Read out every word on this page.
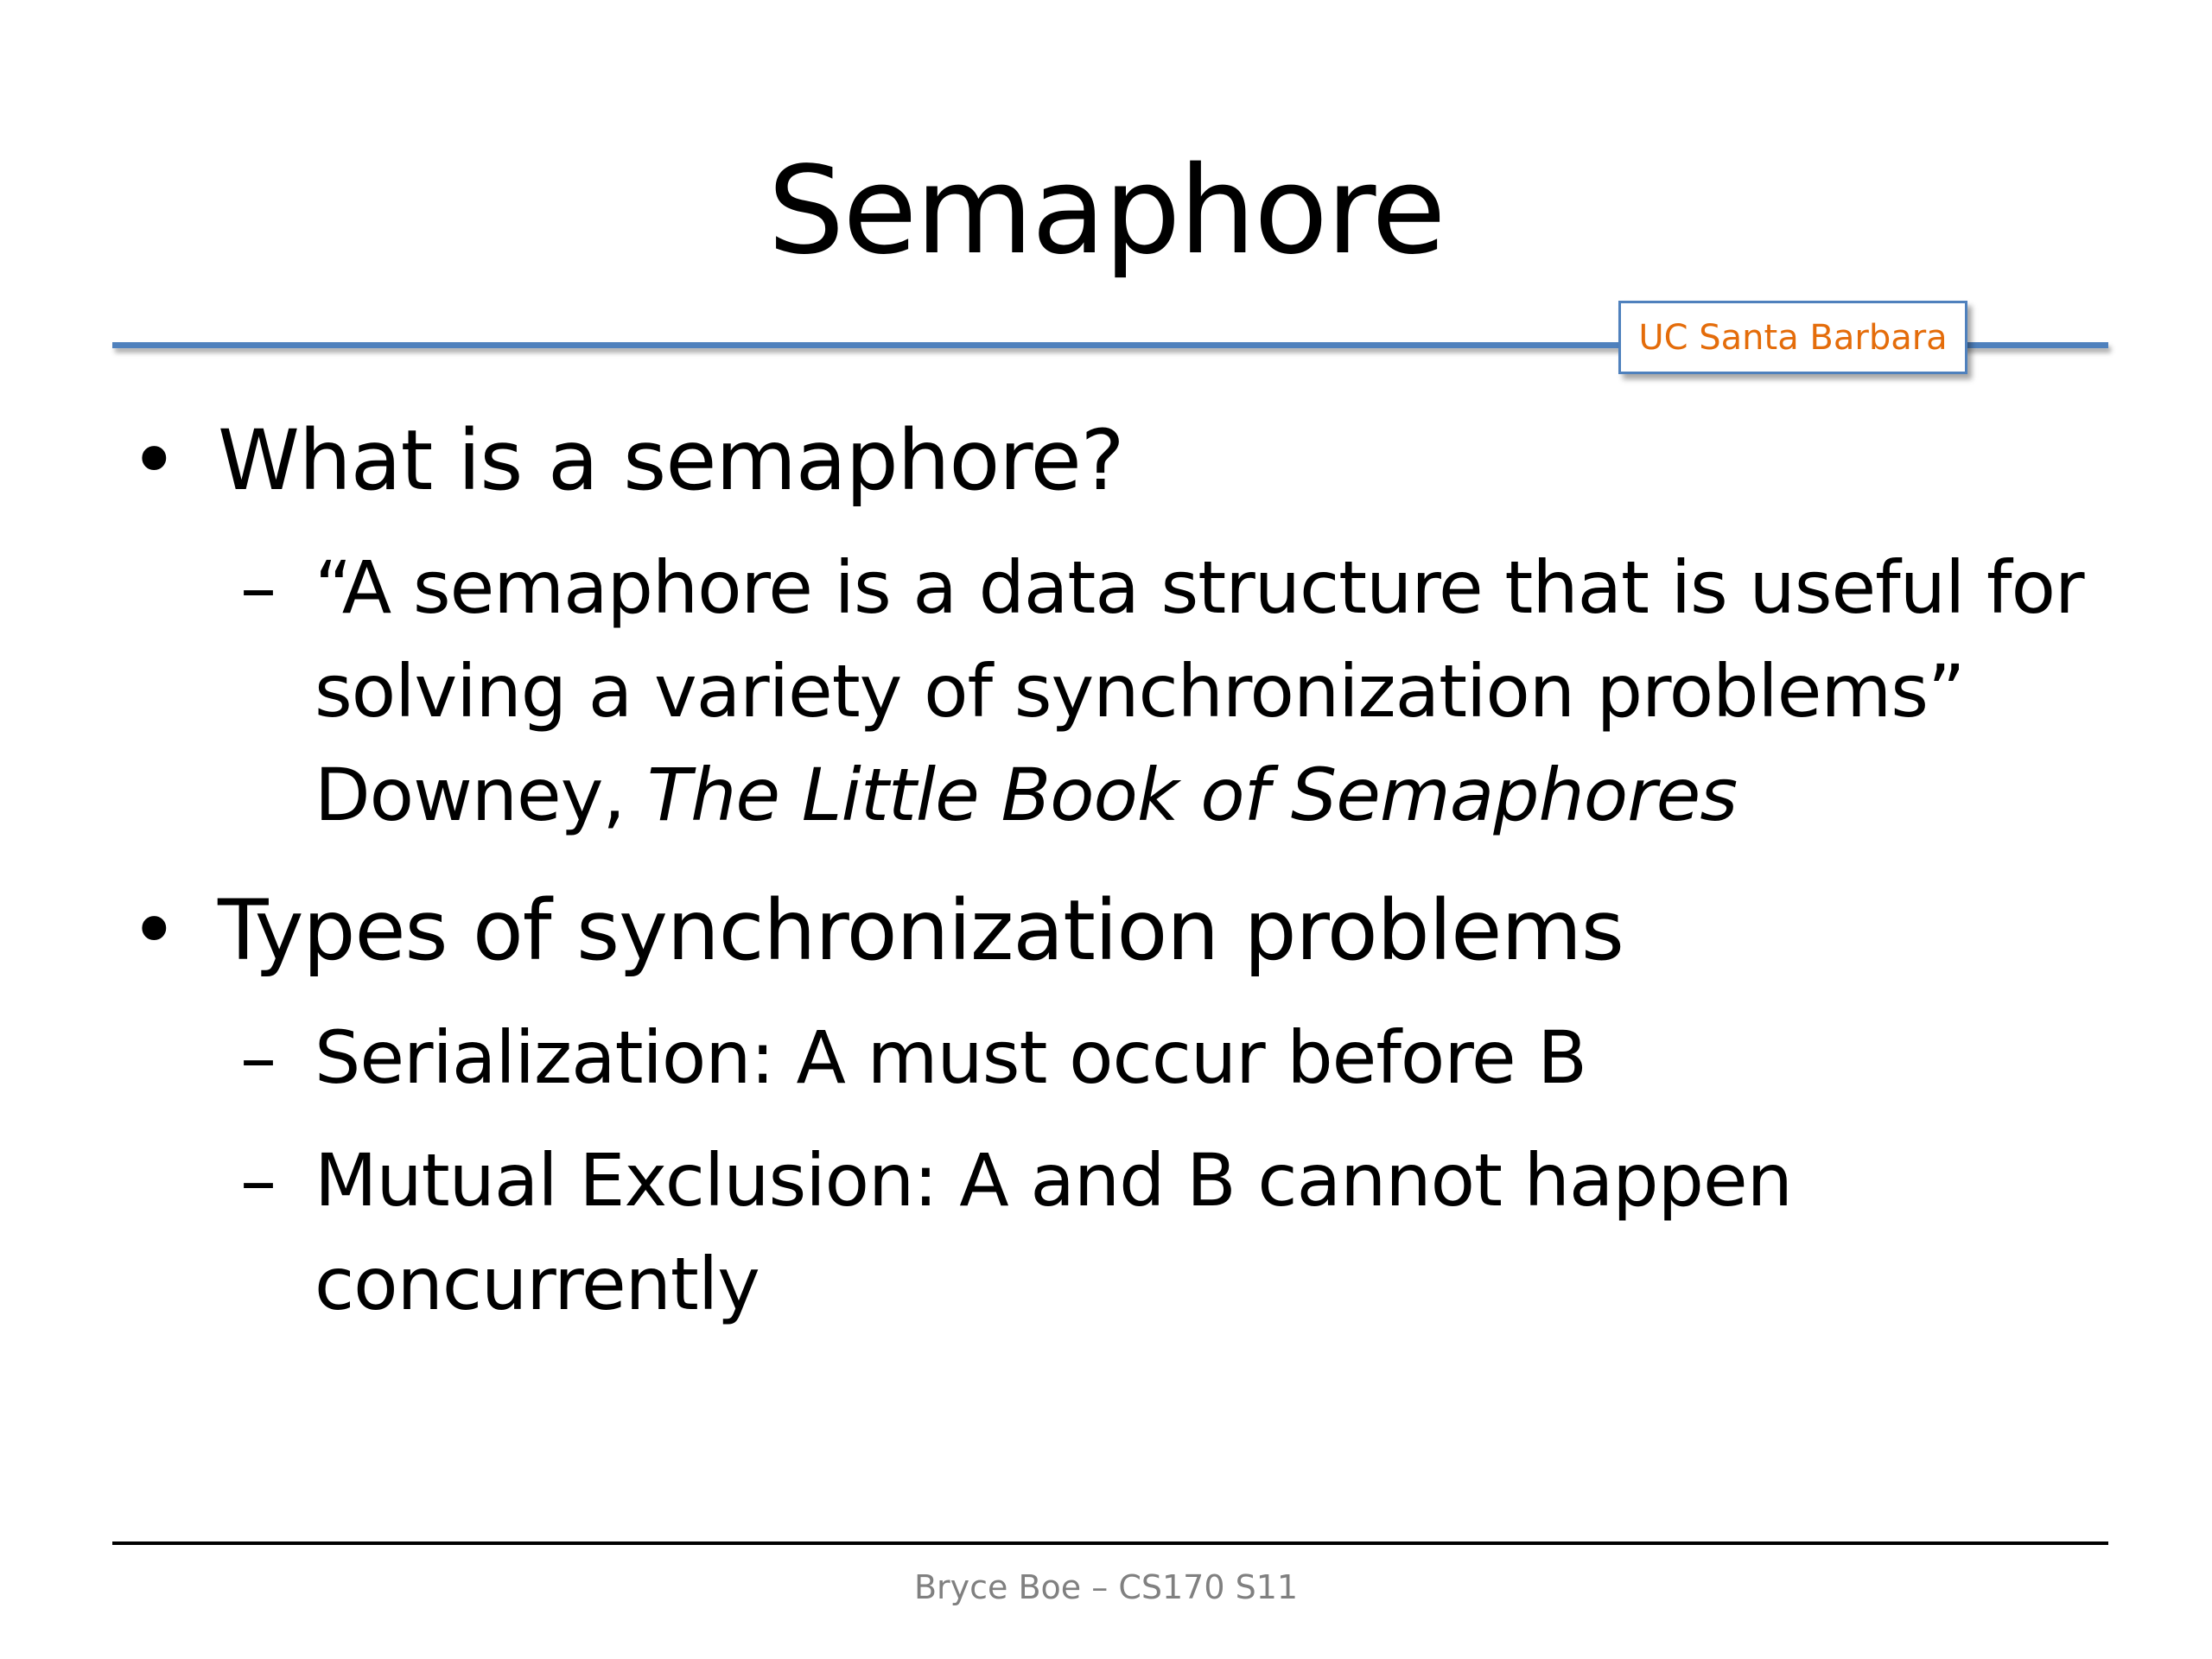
Semaphore
UC Santa Barbara
• What is a semaphore?
– “A semaphore is a data structure that is useful for
solving a variety of synchronization problems”
Downey, The Little Book of Semaphores
• Types of synchronization problems
– Serialization: A must occur before B
– Mutual Exclusion: A and B cannot happen
concurrently
Bryce Boe – CS170 S11
